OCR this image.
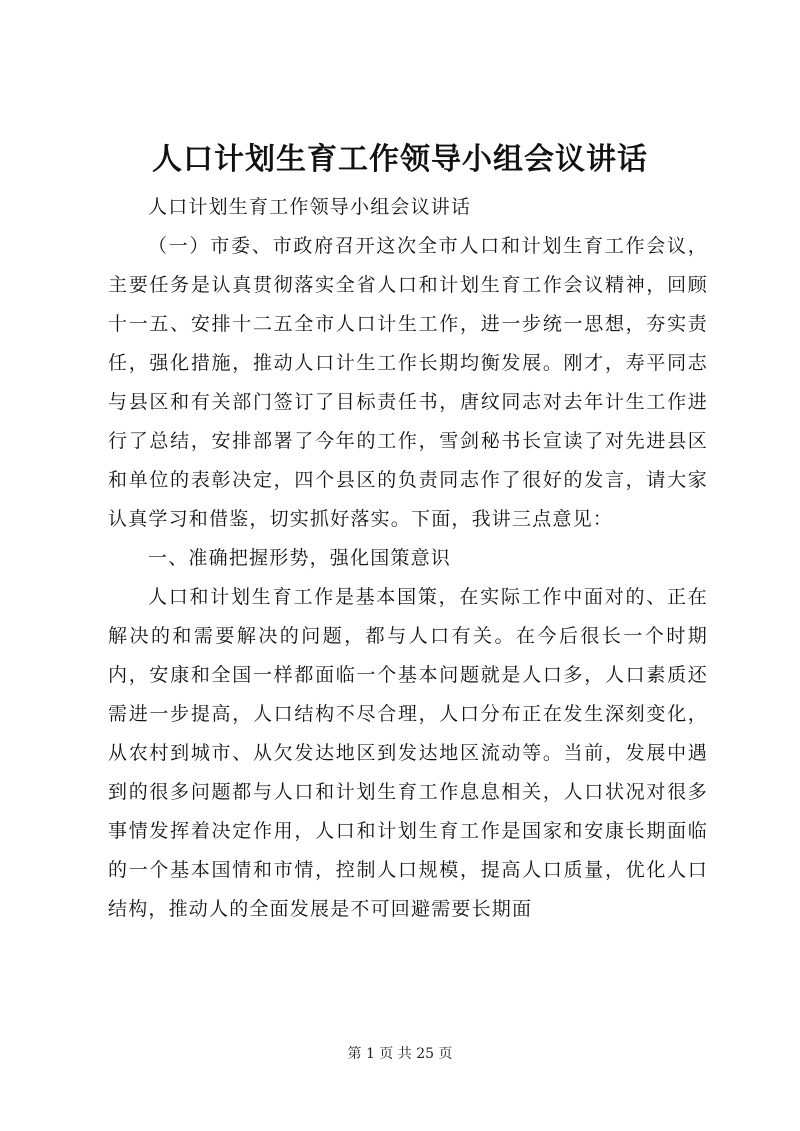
人口计划生育工作领导小组会议讲话

人口计划生育工作领导小组会议讲话

（一）市委、市政府召开这次全市人口和计划生育工作会议，主要任务是认真贯彻落实全省人口和计划生育工作会议精神，回顾十一五、安排十二五全市人口计生工作，进一步统一思想，夯实责任，强化措施，推动人口计生工作长期均衡发展。刚才，寿平同志与县区和有关部门签订了目标责任书，唐纹同志对去年计生工作进行了总结，安排部署了今年的工作，雪剑秘书长宣读了对先进县区和单位的表彰决定，四个县区的负责同志作了很好的发言，请大家认真学习和借鉴，切实抓好落实。下面，我讲三点意见：

一、准确把握形势，强化国策意识

人口和计划生育工作是基本国策，在实际工作中面对的、正在解决的和需要解决的问题，都与人口有关。在今后很长一个时期内，安康和全国一样都面临一个基本问题就是人口多，人口素质还需进一步提高，人口结构不尽合理，人口分布正在发生深刻变化，从农村到城市、从欠发达地区到发达地区流动等。当前，发展中遇到的很多问题都与人口和计划生育工作息息相关，人口状况对很多事情发挥着决定作用，人口和计划生育工作是国家和安康长期面临的一个基本国情和市情，控制人口规模，提高人口质量，优化人口结构，推动人的全面发展是不可回避需要长期面

第 1 页 共 25 页
